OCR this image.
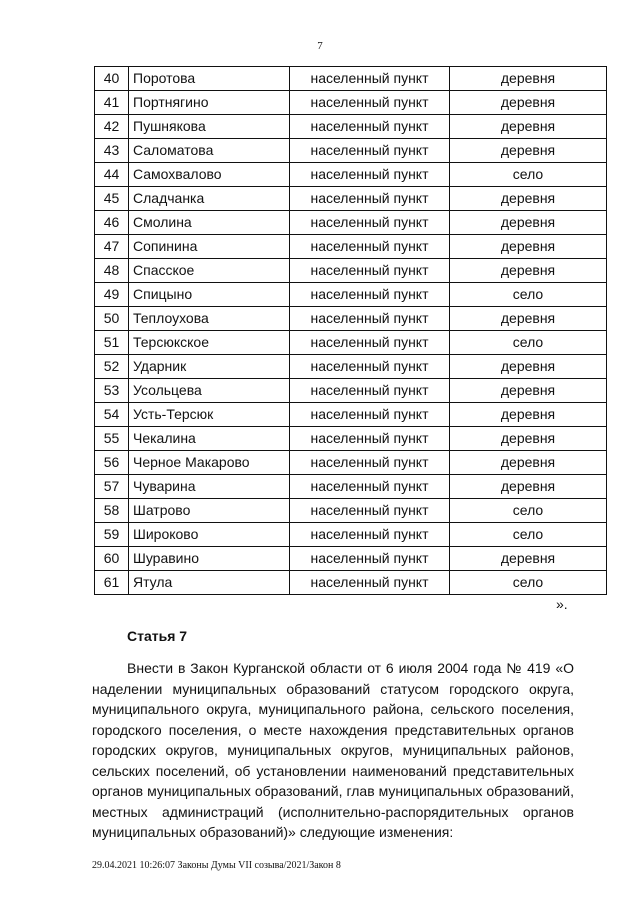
7
40	Поротова	населенный пункт	деревня
41	Портнягино	населенный пункт	деревня
42	Пушнякова	населенный пункт	деревня
43	Саломатова	населенный пункт	деревня
44	Самохвалово	населенный пункт	село
45	Сладчанка	населенный пункт	деревня
46	Смолина	населенный пункт	деревня
47	Сопинина	населенный пункт	деревня
48	Спасское	населенный пункт	деревня
49	Спицыно	населенный пункт	село
50	Теплоухова	населенный пункт	деревня
51	Терсюкское	населенный пункт	село
52	Ударник	населенный пункт	деревня
53	Усольцева	населенный пункт	деревня
54	Усть-Терсюк	населенный пункт	деревня
55	Чекалина	населенный пункт	деревня
56	Черное Макарово	населенный пункт	деревня
57	Чуварина	населенный пункт	деревня
58	Шатрово	населенный пункт	село
59	Широково	населенный пункт	село
60	Шуравино	населенный пункт	деревня
61	Ятула	населенный пункт	село
».
Статья 7

Внести в Закон Курганской области от 6 июля 2004 года № 419 «О наделении муниципальных образований статусом городского округа, муниципального округа, муниципального района, сельского поселения, городского поселения, о месте нахождения представительных органов городских округов, муниципальных округов, муниципальных районов, сельских поселений, об установлении наименований представительных органов муниципальных образований, глав муниципальных образований, местных администраций (исполнительно-распорядительных органов муниципальных образований)» следующие изменения:

29.04.2021 10:26:07 Законы Думы VII созыва/2021/Закон 8
